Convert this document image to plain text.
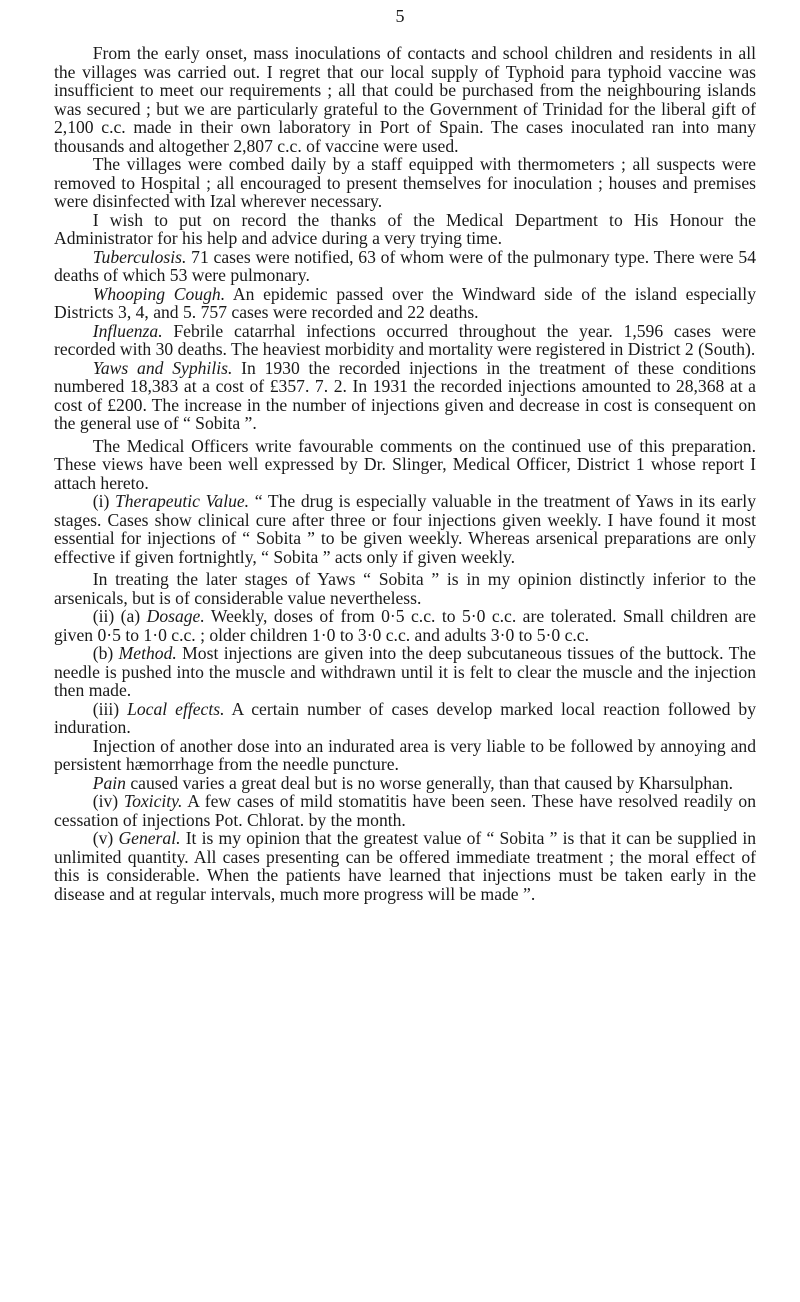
5

From the early onset, mass inoculations of contacts and school children and residents in all the villages was carried out. I regret that our local supply of Typhoid para typhoid vaccine was insufficient to meet our requirements ; all that could be purchased from the neighbouring islands was secured ; but we are particularly grateful to the Government of Trinidad for the liberal gift of 2,100 c.c. made in their own laboratory in Port of Spain. The cases inoculated ran into many thousands and altogether 2,807 c.c. of vaccine were used.

The villages were combed daily by a staff equipped with thermometers ; all suspects were removed to Hospital ; all encouraged to present themselves for inoculation ; houses and premises were disinfected with Izal wherever necessary.

I wish to put on record the thanks of the Medical Department to His Honour the Administrator for his help and advice during a very trying time.

Tuberculosis. 71 cases were notified, 63 of whom were of the pulmonary type. There were 54 deaths of which 53 were pulmonary.

Whooping Cough. An epidemic passed over the Windward side of the island especially Districts 3, 4, and 5. 757 cases were recorded and 22 deaths.

Influenza. Febrile catarrhal infections occurred throughout the year. 1,596 cases were recorded with 30 deaths. The heaviest morbidity and mortality were registered in District 2 (South).

Yaws and Syphilis. In 1930 the recorded injections in the treatment of these conditions numbered 18,383 at a cost of £357. 7. 2. In 1931 the recorded injections amounted to 28,368 at a cost of £200. The increase in the number of injections given and decrease in cost is consequent on the general use of “ Sobita ”.

The Medical Officers write favourable comments on the continued use of this preparation. These views have been well expressed by Dr. Slinger, Medical Officer, District 1 whose report I attach hereto.

(i) Therapeutic Value. “ The drug is especially valuable in the treatment of Yaws in its early stages. Cases show clinical cure after three or four injections given weekly. I have found it most essential for injections of “ Sobita ” to be given weekly. Whereas arsenical preparations are only effective if given fortnightly, “ Sobita ” acts only if given weekly.

In treating the later stages of Yaws “ Sobita ” is in my opinion distinctly inferior to the arsenicals, but is of considerable value nevertheless.

(ii) (a) Dosage. Weekly, doses of from 0·5 c.c. to 5·0 c.c. are tolerated. Small children are given 0·5 to 1·0 c.c. ; older children 1·0 to 3·0 c.c. and adults 3·0 to 5·0 c.c.

(b) Method. Most injections are given into the deep subcutaneous tissues of the buttock. The needle is pushed into the muscle and withdrawn until it is felt to clear the muscle and the injection then made.

(iii) Local effects. A certain number of cases develop marked local reaction followed by induration.

Injection of another dose into an indurated area is very liable to be followed by annoying and persistent hæmorrhage from the needle puncture.

Pain caused varies a great deal but is no worse generally, than that caused by Kharsulphan.

(iv) Toxicity. A few cases of mild stomatitis have been seen. These have resolved readily on cessation of injections Pot. Chlorat. by the month.

(v) General. It is my opinion that the greatest value of “ Sobita ” is that it can be supplied in unlimited quantity. All cases presenting can be offered immediate treatment ; the moral effect of this is considerable. When the patients have learned that injections must be taken early in the disease and at regular intervals, much more progress will be made ”.
